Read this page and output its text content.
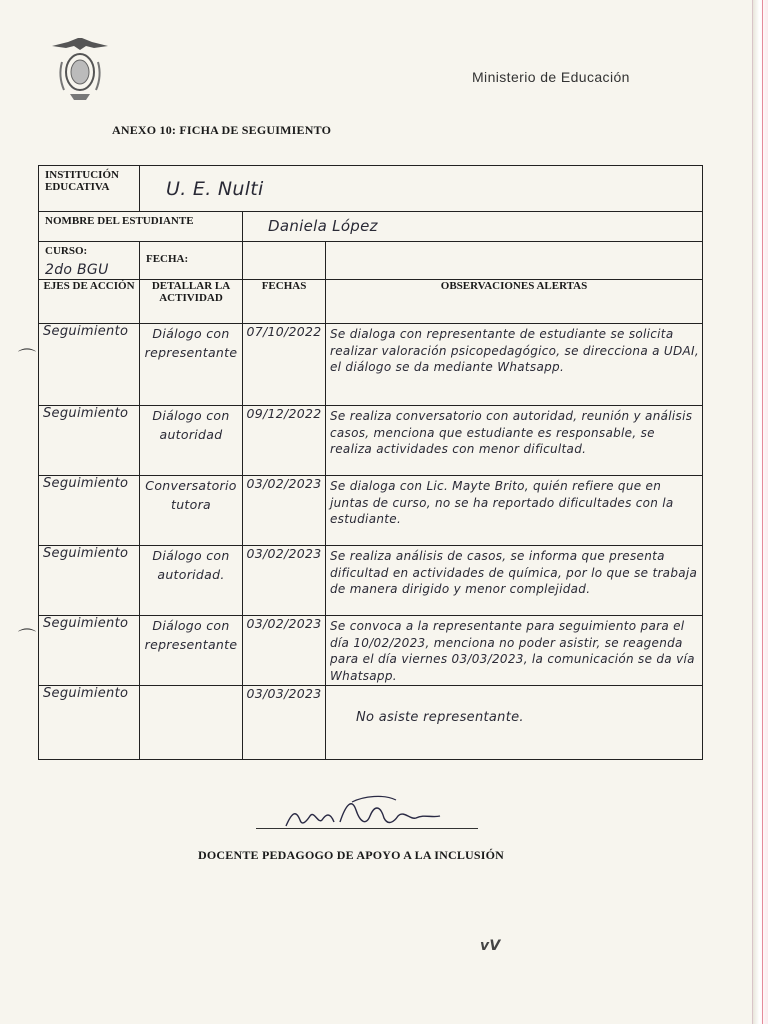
Ministerio de Educación
ANEXO 10: FICHA DE SEGUIMIENTO
INSTITUCIÓN EDUCATIVA	U. E. Nulti		

NOMBRE DEL ESTUDIANTE		Daniela López	

CURSO:
2do BGU	FECHA:		

EJES DE ACCIÓN	DETALLAR LA ACTIVIDAD	FECHAS	OBSERVACIONES ALERTAS

Seguimiento	Diálogo con representante	07/10/2022	Se dialoga con representante de estudiante se solicita realizar valoración psicopedagógico, se direcciona a UDAI, el diálogo se da mediante Whatsapp.

Seguimiento	Diálogo con autoridad	09/12/2022	Se realiza conversatorio con autoridad, reunión y análisis casos, menciona que estudiante es responsable, se realiza actividades con menor dificultad.

Seguimiento	Conversatorio tutora	03/02/2023	Se dialoga con Lic. Mayte Brito, quién refiere que en juntas de curso, no se ha reportado dificultades con la estudiante.

Seguimiento	Diálogo con autoridad.	03/02/2023	Se realiza análisis de casos, se informa que presenta dificultad en actividades de química, por lo que se trabaja de manera dirigido y menor complejidad.

Seguimiento	Diálogo con representante	03/02/2023	Se convoca a la representante para seguimiento para el día 10/02/2023, menciona no poder asistir, se reagenda para el día viernes 03/03/2023, la comunicación se da vía Whatsapp.

Seguimiento		03/03/2023	No asiste representante.
⌒
⌒
DOCENTE PEDAGOGO DE APOYO A LA INCLUSIÓN
vV
